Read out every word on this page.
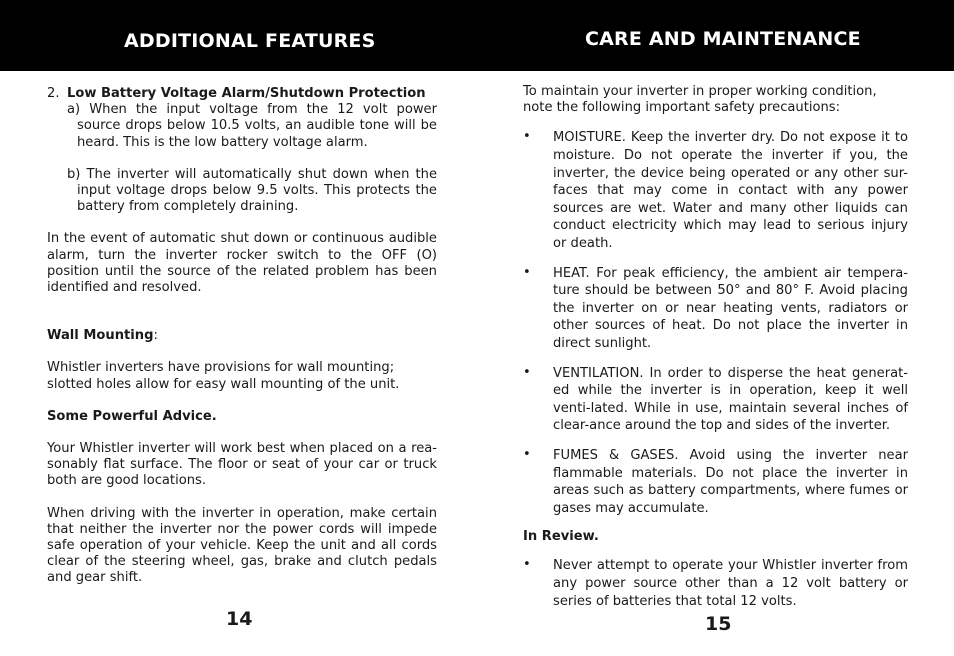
ADDITIONAL FEATURES	CARE AND MAINTENANCE
2. Low Battery Voltage Alarm/Shutdown Protection

a) When the input voltage from the 12 volt power source drops below 10.5 volts, an audible tone will be heard. This is the low battery voltage alarm.

b) The inverter will automatically shut down when the input voltage drops below 9.5 volts. This protects the battery from completely draining.

In the event of automatic shut down or continuous audible alarm, turn the inverter rocker switch to the OFF (O) position until the source of the related problem has been identified and resolved.

Wall Mounting:

Whistler inverters have provisions for wall mounting; slotted holes allow for easy wall mounting of the unit.

Some Powerful Advice.

Your Whistler inverter will work best when placed on a rea-sonably flat surface. The floor or seat of your car or truck both are good locations.

When driving with the inverter in operation, make certain that neither the inverter nor the power cords will impede safe operation of your vehicle. Keep the unit and all cords clear of the steering wheel, gas, brake and clutch pedals and gear shift.

14

To maintain your inverter in proper working condition, note the following important safety precautions:

•	MOISTURE. Keep the inverter dry. Do not expose it to moisture. Do not operate the inverter if you, the inverter, the device being operated or any other sur-faces that may come in contact with any power sources are wet. Water and many other liquids can conduct electricity which may lead to serious injury or death.
•	HEAT. For peak efficiency, the ambient air tempera-ture should be between 50° and 80° F. Avoid placing the inverter on or near heating vents, radiators or other sources of heat. Do not place the inverter in direct sunlight.
•	VENTILATION. In order to disperse the heat generat-ed while the inverter is in operation, keep it well venti-lated. While in use, maintain several inches of clear-ance around the top and sides of the inverter.
•	FUMES & GASES. Avoid using the inverter near flammable materials. Do not place the inverter in areas such as battery compartments, where fumes or gases may accumulate.

In Review.

•	Never attempt to operate your Whistler inverter from any power source other than a 12 volt battery or series of batteries that total 12 volts.
15
